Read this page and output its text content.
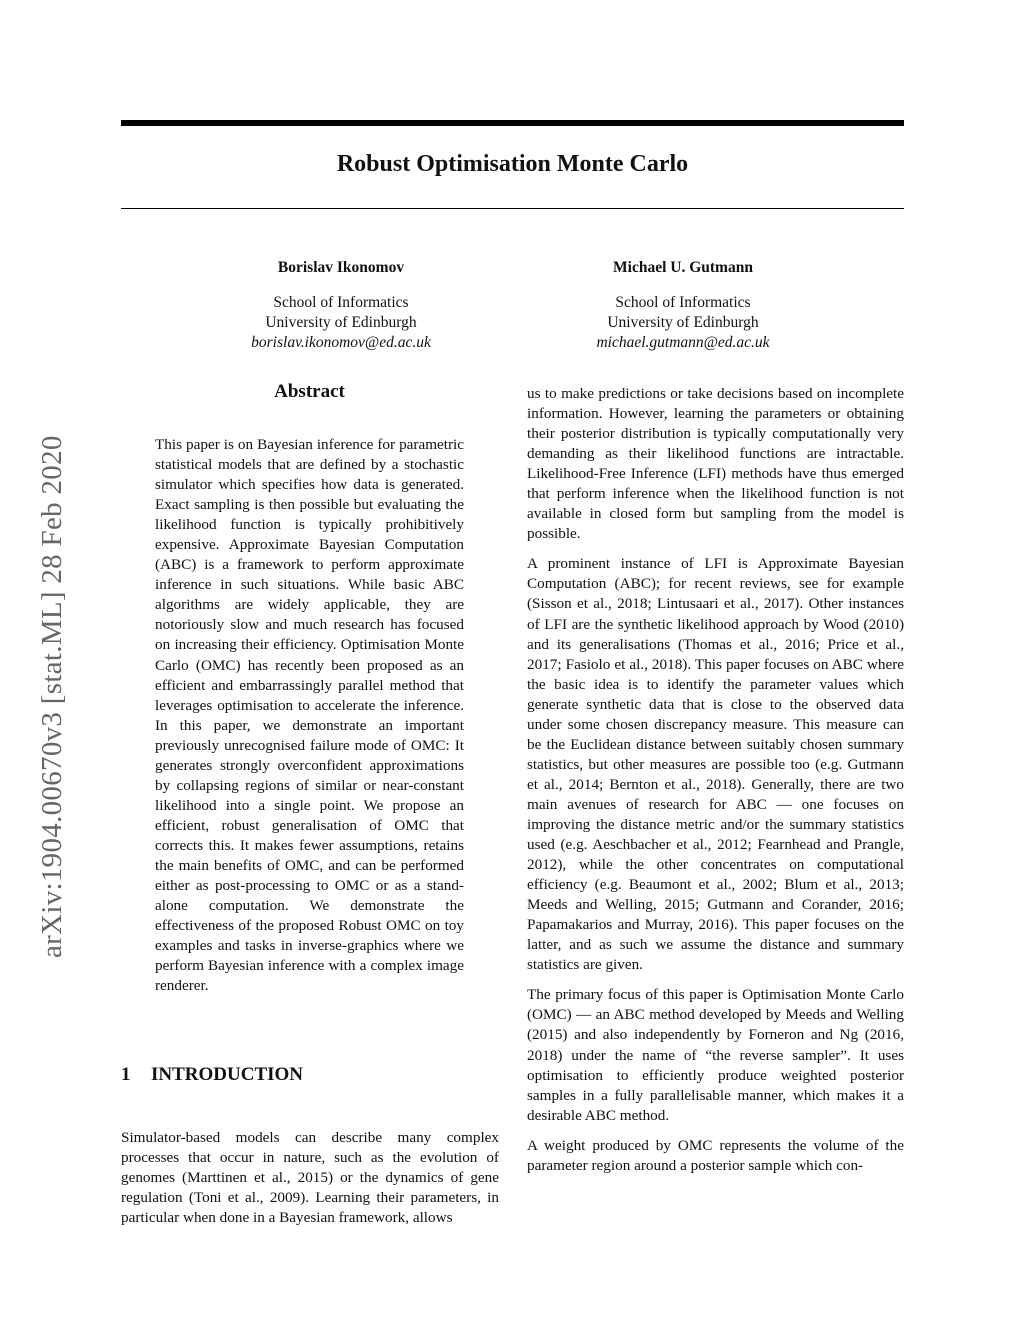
Robust Optimisation Monte Carlo
Borislav Ikonomov
School of Informatics
University of Edinburgh
borislav.ikonomov@ed.ac.uk
Michael U. Gutmann
School of Informatics
University of Edinburgh
michael.gutmann@ed.ac.uk
arXiv:1904.00670v3 [stat.ML] 28 Feb 2020
Abstract

This paper is on Bayesian inference for parametric statistical models that are defined by a stochastic simulator which specifies how data is generated. Exact sampling is then possible but evaluating the likelihood function is typically prohibitively expensive. Approximate Bayesian Computation (ABC) is a framework to perform approximate inference in such situations. While basic ABC algorithms are widely applicable, they are notoriously slow and much research has focused on increasing their efficiency. Optimisation Monte Carlo (OMC) has recently been proposed as an efficient and embarrassingly parallel method that leverages optimisation to accelerate the inference. In this paper, we demonstrate an important previously unrecognised failure mode of OMC: It generates strongly overconfident approximations by collapsing regions of similar or near-constant likelihood into a single point. We propose an efficient, robust generalisation of OMC that corrects this. It makes fewer assumptions, retains the main benefits of OMC, and can be performed either as post-processing to OMC or as a stand-alone computation. We demonstrate the effectiveness of the proposed Robust OMC on toy examples and tasks in inverse-graphics where we perform Bayesian inference with a complex image renderer.

1 INTRODUCTION

Simulator-based models can describe many complex processes that occur in nature, such as the evolution of genomes (Marttinen et al., 2015) or the dynamics of gene regulation (Toni et al., 2009). Learning their parameters, in particular when done in a Bayesian framework, allows

us to make predictions or take decisions based on incomplete information. However, learning the parameters or obtaining their posterior distribution is typically computationally very demanding as their likelihood functions are intractable. Likelihood-Free Inference (LFI) methods have thus emerged that perform inference when the likelihood function is not available in closed form but sampling from the model is possible.

A prominent instance of LFI is Approximate Bayesian Computation (ABC); for recent reviews, see for example (Sisson et al., 2018; Lintusaari et al., 2017). Other instances of LFI are the synthetic likelihood approach by Wood (2010) and its generalisations (Thomas et al., 2016; Price et al., 2017; Fasiolo et al., 2018). This paper focuses on ABC where the basic idea is to identify the parameter values which generate synthetic data that is close to the observed data under some chosen discrepancy measure. This measure can be the Euclidean distance between suitably chosen summary statistics, but other measures are possible too (e.g. Gutmann et al., 2014; Bernton et al., 2018). Generally, there are two main avenues of research for ABC — one focuses on improving the distance metric and/or the summary statistics used (e.g. Aeschbacher et al., 2012; Fearnhead and Prangle, 2012), while the other concentrates on computational efficiency (e.g. Beaumont et al., 2002; Blum et al., 2013; Meeds and Welling, 2015; Gutmann and Corander, 2016; Papamakarios and Murray, 2016). This paper focuses on the latter, and as such we assume the distance and summary statistics are given.

The primary focus of this paper is Optimisation Monte Carlo (OMC) — an ABC method developed by Meeds and Welling (2015) and also independently by Forneron and Ng (2016, 2018) under the name of “the reverse sampler”. It uses optimisation to efficiently produce weighted posterior samples in a fully parallelisable manner, which makes it a desirable ABC method.

A weight produced by OMC represents the volume of the parameter region around a posterior sample which con-
